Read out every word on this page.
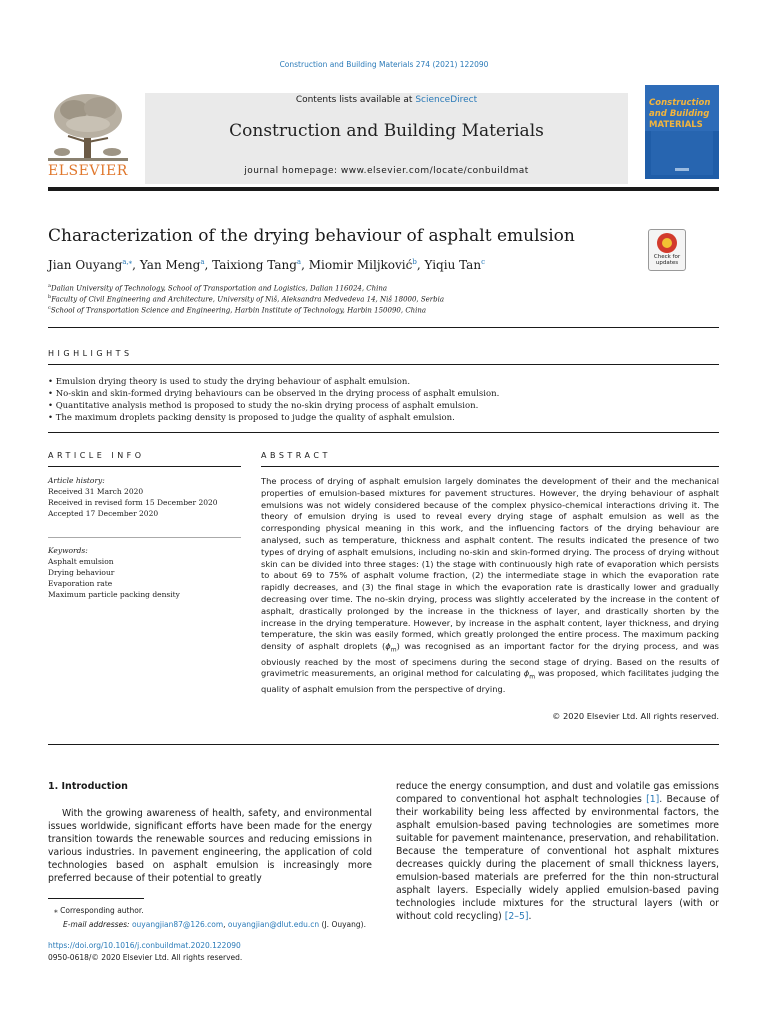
Construction and Building Materials 274 (2021) 122090
ELSEVIER
Contents lists available at ScienceDirect
Construction and Building Materials
journal homepage: www.elsevier.com/locate/conbuildmat
Construction
and Building
MATERIALS
Characterization of the drying behaviour of asphalt emulsion
Check for updates
Jian Ouyang$^{a,⁎}$, Yan Meng$^a$, Taixiong Tang$^a$, Miomir Miljković$^b$, Yiqiu Tan$^c$
$^a$Dalian University of Technology, School of Transportation and Logistics, Dalian 116024, China
$^b$Faculty of Civil Engineering and Architecture, University of Niš, Aleksandra Medvedeva 14, Niš 18000, Serbia
$^c$School of Transportation Science and Engineering, Harbin Institute of Technology, Harbin 150090, China
HIGHLIGHTS
• Emulsion drying theory is used to study the drying behaviour of asphalt emulsion.
• No-skin and skin-formed drying behaviours can be observed in the drying process of asphalt emulsion.
• Quantitative analysis method is proposed to study the no-skin drying process of asphalt emulsion.
• The maximum droplets packing density is proposed to judge the quality of asphalt emulsion.
ARTICLE INFO
Article history:
Received 31 March 2020
Received in revised form 15 December 2020
Accepted 17 December 2020
Keywords:
Asphalt emulsion
Drying behaviour
Evaporation rate
Maximum particle packing density
ABSTRACT
The process of drying of asphalt emulsion largely dominates the development of their and the mechanical properties of emulsion-based mixtures for pavement structures. However, the drying behaviour of asphalt emulsions was not widely considered because of the complex physico-chemical interactions driving it. The theory of emulsion drying is used to reveal every drying stage of asphalt emulsion as well as the corresponding physical meaning in this work, and the influencing factors of the drying behaviour are analysed, such as temperature, thickness and asphalt content. The results indicated the presence of two types of drying of asphalt emulsions, including no-skin and skin-formed drying. The process of drying without skin can be divided into three stages: (1) the stage with continuously high rate of evaporation which persists to about 69 to 75% of asphalt volume fraction, (2) the intermediate stage in which the evaporation rate rapidly decreases, and (3) the final stage in which the evaporation rate is drastically lower and gradually decreasing over time. The no-skin drying, process was slightly accelerated by the increase in the content of asphalt, drastically prolonged by the increase in the thickness of layer, and drastically shorten by the increase in the drying temperature. However, by increase in the asphalt content, layer thickness, and drying temperature, the skin was easily formed, which greatly prolonged the entire process. The maximum packing density of asphalt droplets $(\phi_m)$ was recognised as an important factor for the drying process, and was obviously reached by the most of specimens during the second stage of drying. Based on the results of gravimetric measurements, an original method for calculating $\phi_m$ was proposed, which facilitates judging the quality of asphalt emulsion from the perspective of drying.
© 2020 Elsevier Ltd. All rights reserved.
1. Introduction
With the growing awareness of health, safety, and environmental issues worldwide, significant efforts have been made for the energy transition towards the renewable sources and reducing emissions in various industries. In pavement engineering, the application of cold technologies based on asphalt emulsion is increasingly more preferred because of their potential to greatly
reduce the energy consumption, and dust and volatile gas emissions compared to conventional hot asphalt technologies [1]. Because of their workability being less affected by environmental factors, the asphalt emulsion-based paving technologies are sometimes more suitable for pavement maintenance, preservation, and rehabilitation. Because the temperature of conventional hot asphalt mixtures decreases quickly during the placement of small thickness layers, emulsion-based materials are preferred for the thin non-structural asphalt layers. Especially widely applied emulsion-based paving technologies include mixtures for the structural layers (with or without cold recycling) [2–5].
⁎ Corresponding author.
E-mail addresses: ouyangjian87@126.com, ouyangjian@dlut.edu.cn (J. Ouyang).
https://doi.org/10.1016/j.conbuildmat.2020.122090
0950-0618/© 2020 Elsevier Ltd. All rights reserved.
